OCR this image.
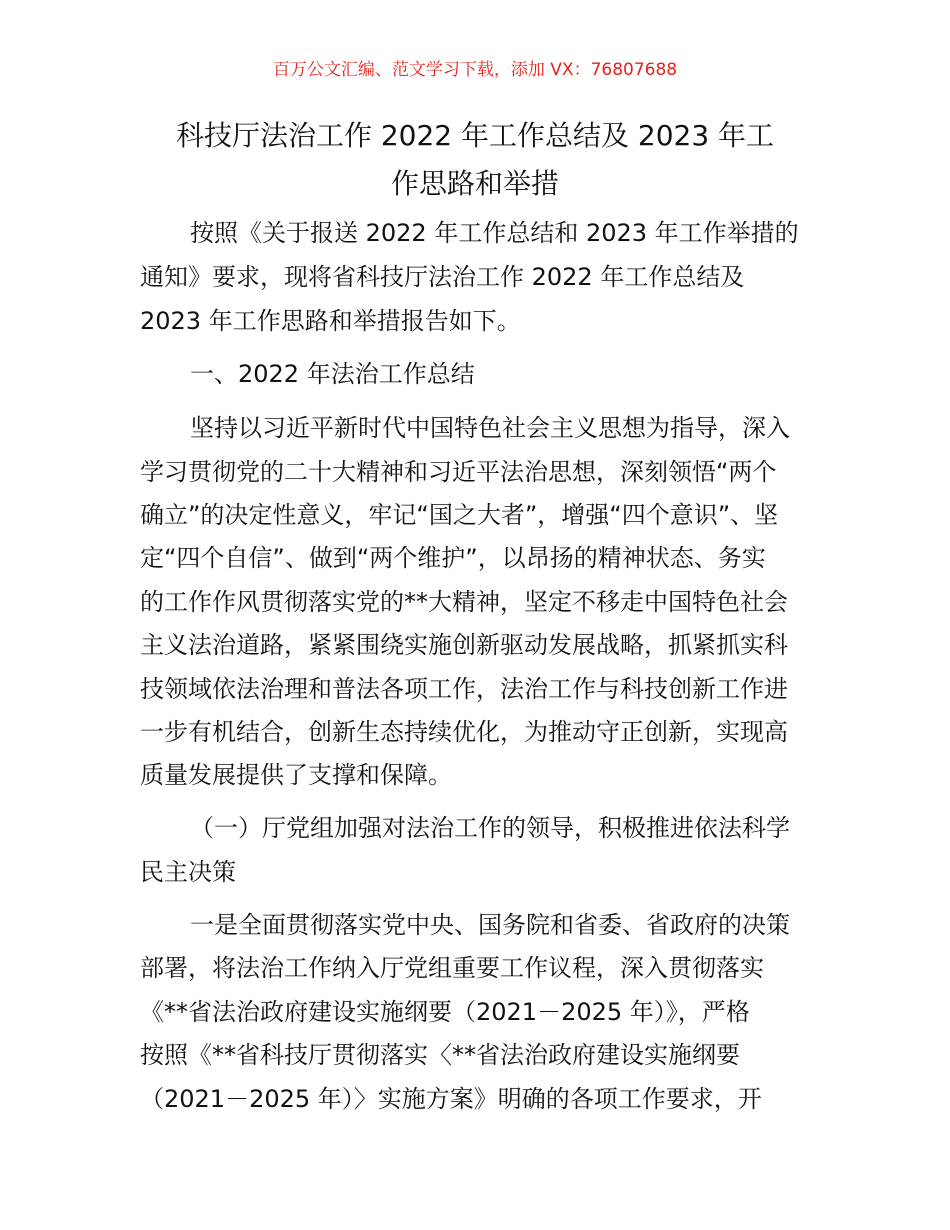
百万公文汇编、范文学习下载，添加 VX：76807688
科技厅法治工作 2022 年工作总结及 2023 年工
作思路和举措
按照《关于报送 2022 年工作总结和 2023 年工作举措的
通知》要求，现将省科技厅法治工作 2022 年工作总结及
2023 年工作思路和举措报告如下。
一、2022 年法治工作总结
坚持以习近平新时代中国特色社会主义思想为指导，深入
学习贯彻党的二十大精神和习近平法治思想，深刻领悟“两个
确立”的决定性意义，牢记“国之大者”，增强“四个意识”、坚
定“四个自信”、做到“两个维护”，以昂扬的精神状态、务实
的工作作风贯彻落实党的**大精神，坚定不移走中国特色社会
主义法治道路，紧紧围绕实施创新驱动发展战略，抓紧抓实科
技领域依法治理和普法各项工作，法治工作与科技创新工作进
一步有机结合，创新生态持续优化，为推动守正创新，实现高
质量发展提供了支撑和保障。
（一）厅党组加强对法治工作的领导，积极推进依法科学
民主决策
一是全面贯彻落实党中央、国务院和省委、省政府的决策
部署，将法治工作纳入厅党组重要工作议程，深入贯彻落实
《**省法治政府建设实施纲要（2021－2025 年）》，严格
按照《**省科技厅贯彻落实〈**省法治政府建设实施纲要
（2021－2025 年）〉实施方案》明确的各项工作要求，开
